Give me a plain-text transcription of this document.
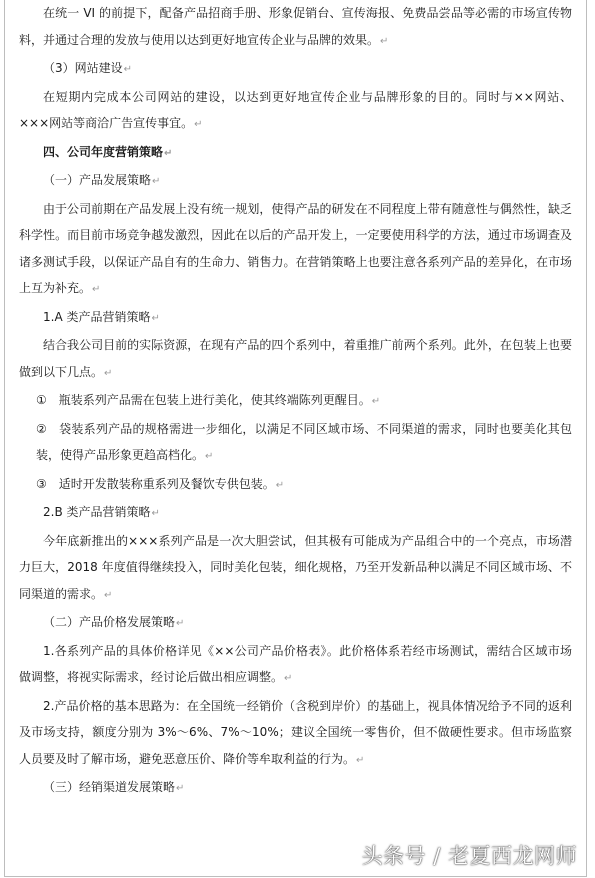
在统一 VI 的前提下，配备产品招商手册、形象促销台、宣传海报、免费品尝品等必需的市场宣传物料，并通过合理的发放与使用以达到更好地宣传企业与品牌的效果。↵

（3）网站建设↵

在短期内完成本公司网站的建设，以达到更好地宣传企业与品牌形象的目的。同时与××网站、×××网站等商洽广告宣传事宜。↵

四、公司年度营销策略↵

（一）产品发展策略↵

由于公司前期在产品发展上没有统一规划，使得产品的研发在不同程度上带有随意性与偶然性，缺乏科学性。而目前市场竞争越发激烈，因此在以后的产品开发上，一定要使用科学的方法，通过市场调查及诸多测试手段，以保证产品自有的生命力、销售力。在营销策略上也要注意各系列产品的差异化，在市场上互为补充。↵

1.A 类产品营销策略↵

结合我公司目前的实际资源，在现有产品的四个系列中，着重推广前两个系列。此外，在包装上也要做到以下几点。↵

①　瓶装系列产品需在包装上进行美化，使其终端陈列更醒目。↵

②　袋装系列产品的规格需进一步细化，以满足不同区域市场、不同渠道的需求，同时也要美化其包装，使得产品形象更趋高档化。↵

③　适时开发散装称重系列及餐饮专供包装。↵

2.B 类产品营销策略↵

今年底新推出的×××系列产品是一次大胆尝试，但其极有可能成为产品组合中的一个亮点，市场潜力巨大，2018 年度值得继续投入，同时美化包装，细化规格，乃至开发新品种以满足不同区域市场、不同渠道的需求。↵

（二）产品价格发展策略↵

1.各系列产品的具体价格详见《××公司产品价格表》。此价格体系若经市场测试，需结合区域市场做调整，将视实际需求，经讨论后做出相应调整。↵

2.产品价格的基本思路为：在全国统一经销价（含税到岸价）的基础上，视具体情况给予不同的返利及市场支持，额度分别为 3%～6%、7%～10%；建议全国统一零售价，但不做硬性要求。但市场监察人员要及时了解市场，避免恶意压价、降价等牟取利益的行为。↵

（三）经销渠道发展策略↵

头条号 / 老夏西龙网师
